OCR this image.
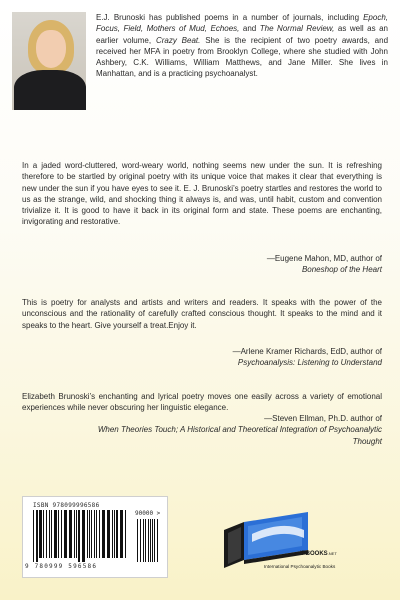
E.J. Brunoski has published poems in a number of journals, including Epoch, Focus, Field, Mothers of Mud, Echoes, and The Normal Review, as well as an earlier volume, Crazy Beat. She is the recipient of two poetry awards, and received her MFA in poetry from Brooklyn College, where she studied with John Ashbery, C.K. Williams, William Matthews, and Jane Miller. She lives in Manhattan, and is a practicing psychoanalyst.
In a jaded word-cluttered, word-weary world, nothing seems new under the sun. It is refreshing therefore to be startled by original poetry with its unique voice that makes it clear that everything is new under the sun if you have eyes to see it. E. J. Brunoski’s poetry startles and restores the world to us as the strange, wild, and shocking thing it always is, and was, until habit, custom and convention trivialize it. It is good to have it back in its original form and state. These poems are enchanting, invigorating and restorative.
—Eugene Mahon, MD, author of
Boneshop of the Heart
This is poetry for analysts and artists and writers and readers. It speaks with the power of the unconscious and the rationality of carefully crafted conscious thought. It speaks to the mind and it speaks to the heart. Give yourself a treat.Enjoy it.
—Arlene Kramer Richards, EdD, author of
Psychoanalysis: Listening to Understand
Elizabeth Brunoski’s enchanting and lyrical poetry moves one easily across a variety of emotional experiences while never obscuring her linguistic elegance.
—Steven Ellman, Ph.D. author of
When Theories Touch; A Historical and Theoretical Integration of Psychoanalytic Thought
ISBN 978099996586
90000 >
9 780999 596586
IPBOOKS.NET
International Psychoanalytic Books
